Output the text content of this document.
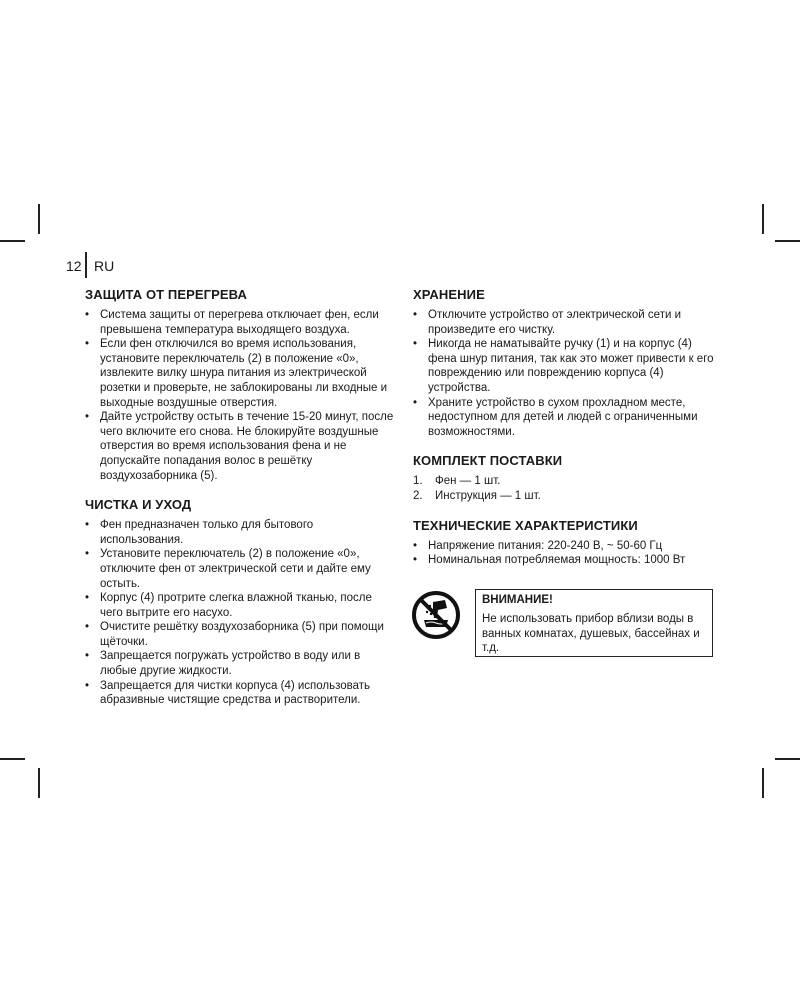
12 RU
ЗАЩИТА ОТ ПЕРЕГРЕВА
• Система защиты от перегрева отключает фен, если превышена температура выходящего воздуха.
• Если фен отключился во время использования, установите переключатель (2) в положение «0», извлеките вилку шнура питания из электрической розетки и проверьте, не заблокированы ли входные и выходные воздушные отверстия.
• Дайте устройству остыть в течение 15-20 минут, после чего включите его снова. Не блокируйте воздушные отверстия во время использования фена и не допускайте попадания волос в решётку воздухозаборника (5).
ЧИСТКА И УХОД
• Фен предназначен только для бытового использования.
• Установите переключатель (2) в положение «0», отключите фен от электрической сети и дайте ему остыть.
• Корпус (4) протрите слегка влажной тканью, после чего вытрите его насухо.
• Очистите решётку воздухозаборника (5) при помощи щёточки.
• Запрещается погружать устройство в воду или в любые другие жидкости.
• Запрещается для чистки корпуса (4) использовать абразивные чистящие средства и растворители.
ХРАНЕНИЕ
• Отключите устройство от электрической сети и произведите его чистку.
• Никогда не наматывайте ручку (1) и на корпус (4) фена шнур питания, так как это может привести к его повреждению или повреждению корпуса (4) устройства.
• Храните устройство в сухом прохладном месте, недоступном для детей и людей с ограниченными возможностями.
КОМПЛЕКТ ПОСТАВКИ
1. Фен — 1 шт.
2. Инструкция — 1 шт.
ТЕХНИЧЕСКИЕ ХАРАКТЕРИСТИКИ
• Напряжение питания: 220-240 В, ~ 50-60 Гц
• Номинальная потребляемая мощность: 1000 Вт
ВНИМАНИЕ!
Не использовать прибор вблизи воды в ванных комнатах, душевых, бассейнах и т.д.
